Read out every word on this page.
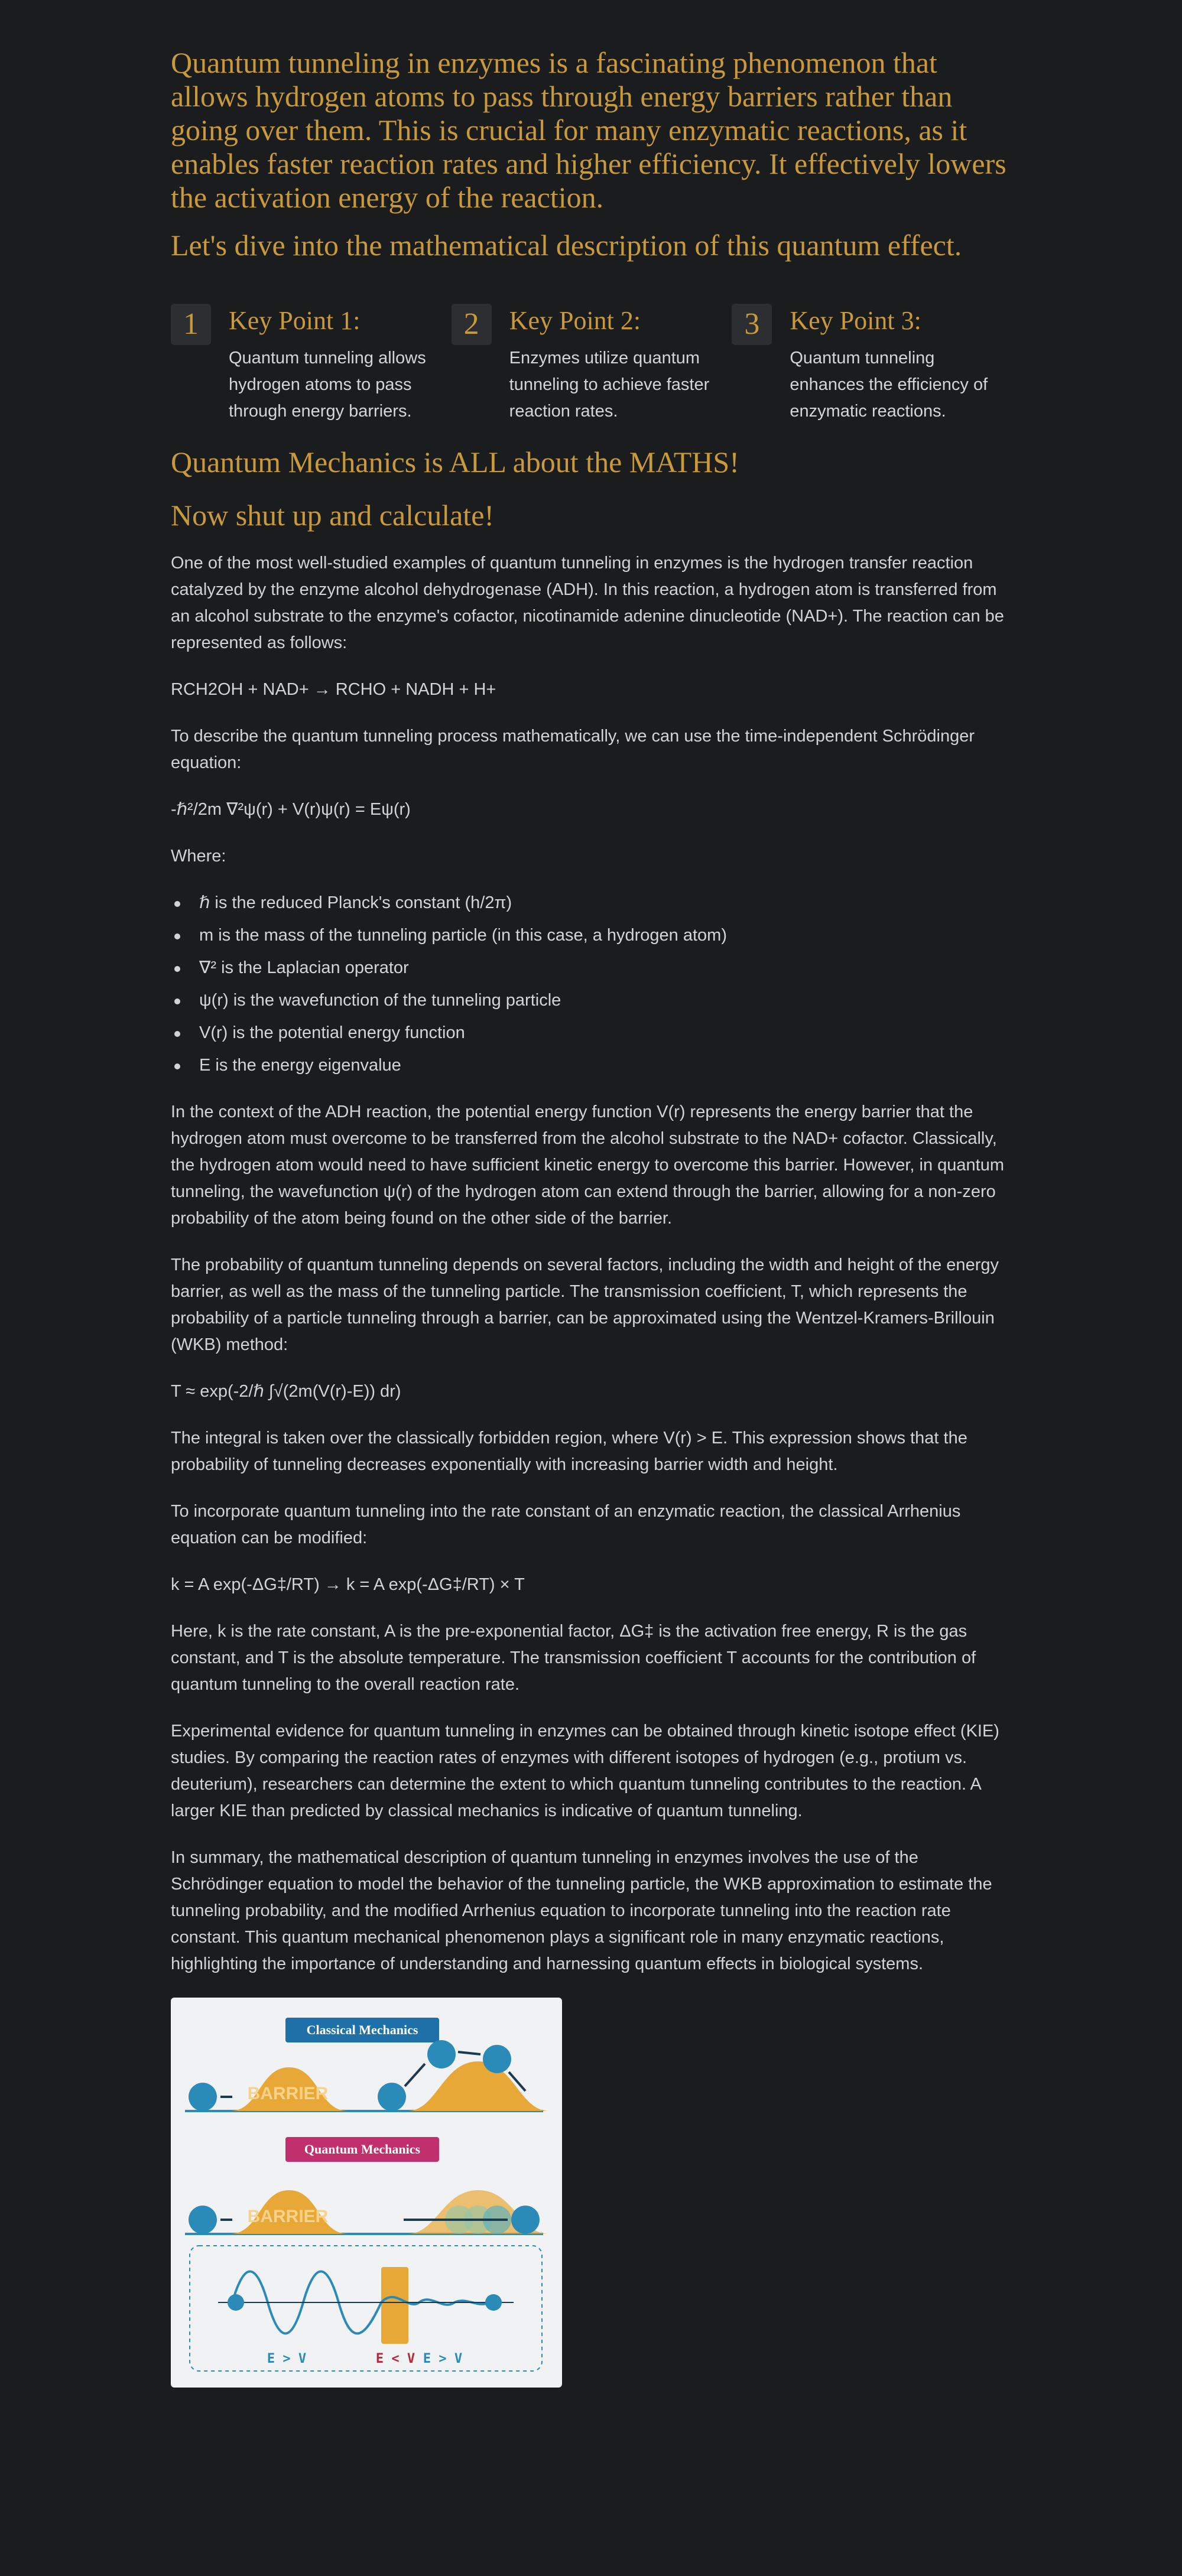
Quantum tunneling in enzymes is a fascinating phenomenon that allows hydrogen atoms to pass through energy barriers rather than going over them. This is crucial for many enzymatic reactions, as it enables faster reaction rates and higher efficiency. It effectively lowers the activation energy of the reaction.
Let's dive into the mathematical description of this quantum effect.
1	Key Point 1:
Quantum tunneling allows hydrogen atoms to pass through energy barriers.
2	Key Point 2:
Enzymes utilize quantum tunneling to achieve faster reaction rates.
3	Key Point 3:
Quantum tunneling enhances the efficiency of enzymatic reactions.
Quantum Mechanics is ALL about the MATHS!
Now shut up and calculate!

One of the most well-studied examples of quantum tunneling in enzymes is the hydrogen transfer reaction catalyzed by the enzyme alcohol dehydrogenase (ADH). In this reaction, a hydrogen atom is transferred from an alcohol substrate to the enzyme's cofactor, nicotinamide adenine dinucleotide (NAD+). The reaction can be represented as follows:

RCH2OH + NAD+ → RCHO + NADH + H+

To describe the quantum tunneling process mathematically, we can use the time-independent Schrödinger equation:

-ℏ²/2m ∇²ψ(r) + V(r)ψ(r) = Eψ(r)

Where:

ℏ is the reduced Planck's constant (h/2π)
m is the mass of the tunneling particle (in this case, a hydrogen atom)
∇² is the Laplacian operator
ψ(r) is the wavefunction of the tunneling particle
V(r) is the potential energy function
E is the energy eigenvalue

In the context of the ADH reaction, the potential energy function V(r) represents the energy barrier that the hydrogen atom must overcome to be transferred from the alcohol substrate to the NAD+ cofactor. Classically, the hydrogen atom would need to have sufficient kinetic energy to overcome this barrier. However, in quantum tunneling, the wavefunction ψ(r) of the hydrogen atom can extend through the barrier, allowing for a non-zero probability of the atom being found on the other side of the barrier.

The probability of quantum tunneling depends on several factors, including the width and height of the energy barrier, as well as the mass of the tunneling particle. The transmission coefficient, T, which represents the probability of a particle tunneling through a barrier, can be approximated using the Wentzel-Kramers-Brillouin (WKB) method:

T ≈ exp(-2/ℏ ∫√(2m(V(r)-E)) dr)

The integral is taken over the classically forbidden region, where V(r) > E. This expression shows that the probability of tunneling decreases exponentially with increasing barrier width and height.

To incorporate quantum tunneling into the rate constant of an enzymatic reaction, the classical Arrhenius equation can be modified:

k = A exp(-ΔG‡/RT) → k = A exp(-ΔG‡/RT) × T

Here, k is the rate constant, A is the pre-exponential factor, ΔG‡ is the activation free energy, R is the gas constant, and T is the absolute temperature. The transmission coefficient T accounts for the contribution of quantum tunneling to the overall reaction rate.

Experimental evidence for quantum tunneling in enzymes can be obtained through kinetic isotope effect (KIE) studies. By comparing the reaction rates of enzymes with different isotopes of hydrogen (e.g., protium vs. deuterium), researchers can determine the extent to which quantum tunneling contributes to the reaction. A larger KIE than predicted by classical mechanics is indicative of quantum tunneling.

In summary, the mathematical description of quantum tunneling in enzymes involves the use of the Schrödinger equation to model the behavior of the tunneling particle, the WKB approximation to estimate the tunneling probability, and the modified Arrhenius equation to incorporate tunneling into the reaction rate constant. This quantum mechanical phenomenon plays a significant role in many enzymatic reactions, highlighting the importance of understanding and harnessing quantum effects in biological systems.

Classical Mechanics
BARRIER
Quantum Mechanics
BARRIER
E > V	E < V E > V
